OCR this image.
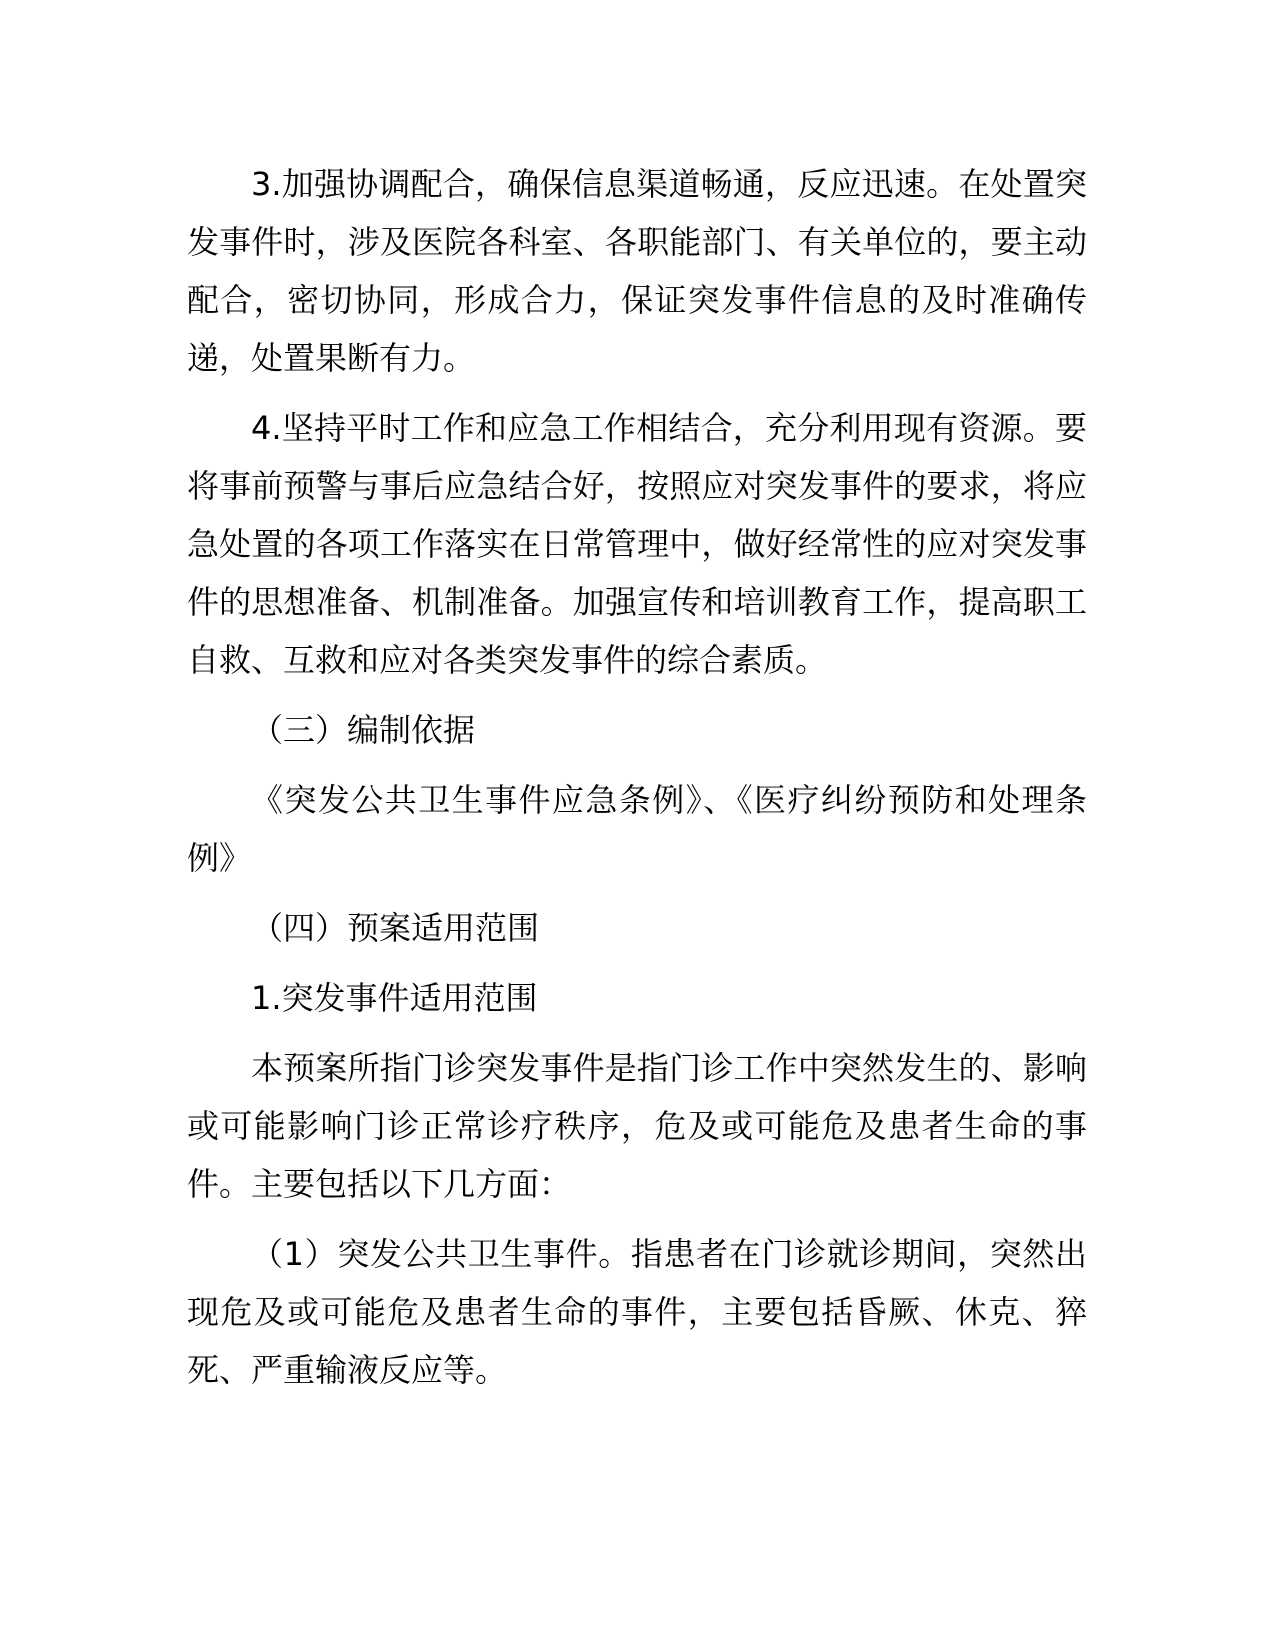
3.加强协调配合，确保信息渠道畅通，反应迅速。在处置突发事件时，涉及医院各科室、各职能部门、有关单位的，要主动配合，密切协同，形成合力，保证突发事件信息的及时准确传递，处置果断有力。

4.坚持平时工作和应急工作相结合，充分利用现有资源。要将事前预警与事后应急结合好，按照应对突发事件的要求，将应急处置的各项工作落实在日常管理中，做好经常性的应对突发事件的思想准备、机制准备。加强宣传和培训教育工作，提高职工自救、互救和应对各类突发事件的综合素质。

（三）编制依据

《突发公共卫生事件应急条例》、《医疗纠纷预防和处理条例》

（四）预案适用范围

1.突发事件适用范围

本预案所指门诊突发事件是指门诊工作中突然发生的、影响或可能影响门诊正常诊疗秩序，危及或可能危及患者生命的事件。主要包括以下几方面：

（1）突发公共卫生事件。指患者在门诊就诊期间，突然出现危及或可能危及患者生命的事件，主要包括昏厥、休克、猝死、严重输液反应等。
